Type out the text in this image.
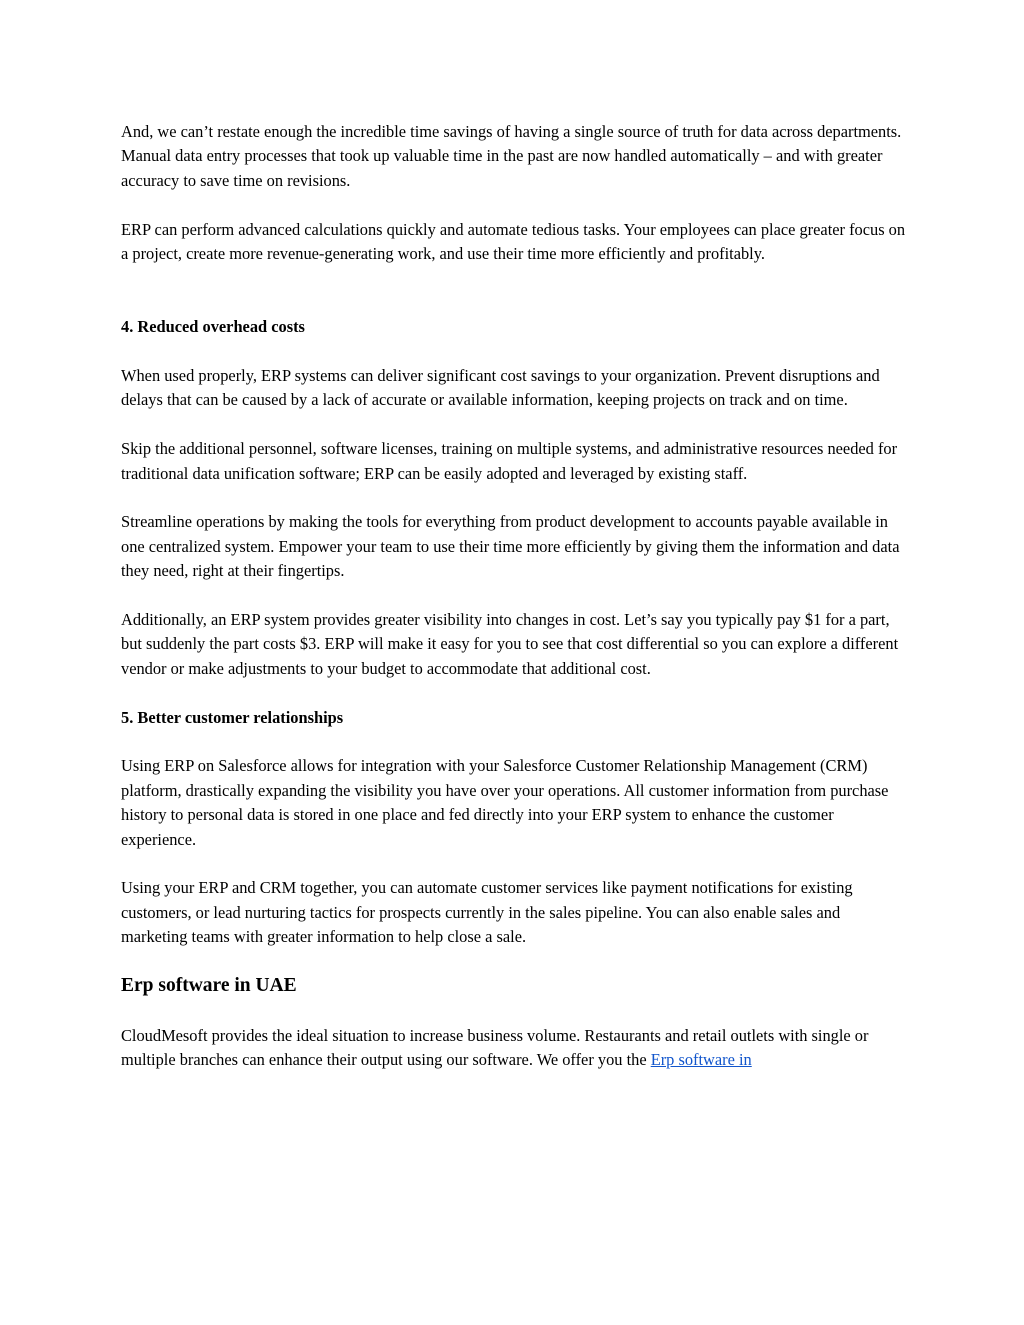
And, we can’t restate enough the incredible time savings of having a single source of truth for data across departments. Manual data entry processes that took up valuable time in the past are now handled automatically – and with greater accuracy to save time on revisions.

ERP can perform advanced calculations quickly and automate tedious tasks. Your employees can place greater focus on a project, create more revenue-generating work, and use their time more efficiently and profitably.

4. Reduced overhead costs

When used properly, ERP systems can deliver significant cost savings to your organization. Prevent disruptions and delays that can be caused by a lack of accurate or available information, keeping projects on track and on time.

Skip the additional personnel, software licenses, training on multiple systems, and administrative resources needed for traditional data unification software; ERP can be easily adopted and leveraged by existing staff.

Streamline operations by making the tools for everything from product development to accounts payable available in one centralized system. Empower your team to use their time more efficiently by giving them the information and data they need, right at their fingertips.

Additionally, an ERP system provides greater visibility into changes in cost. Let’s say you typically pay $1 for a part, but suddenly the part costs $3. ERP will make it easy for you to see that cost differential so you can explore a different vendor or make adjustments to your budget to accommodate that additional cost.

5. Better customer relationships

Using ERP on Salesforce allows for integration with your Salesforce Customer Relationship Management (CRM) platform, drastically expanding the visibility you have over your operations. All customer information from purchase history to personal data is stored in one place and fed directly into your ERP system to enhance the customer experience.

Using your ERP and CRM together, you can automate customer services like payment notifications for existing customers, or lead nurturing tactics for prospects currently in the sales pipeline. You can also enable sales and marketing teams with greater information to help close a sale.

Erp software in UAE

CloudMesoft provides the ideal situation to increase business volume. Restaurants and retail outlets with single or multiple branches can enhance their output using our software. We offer you the Erp software in
